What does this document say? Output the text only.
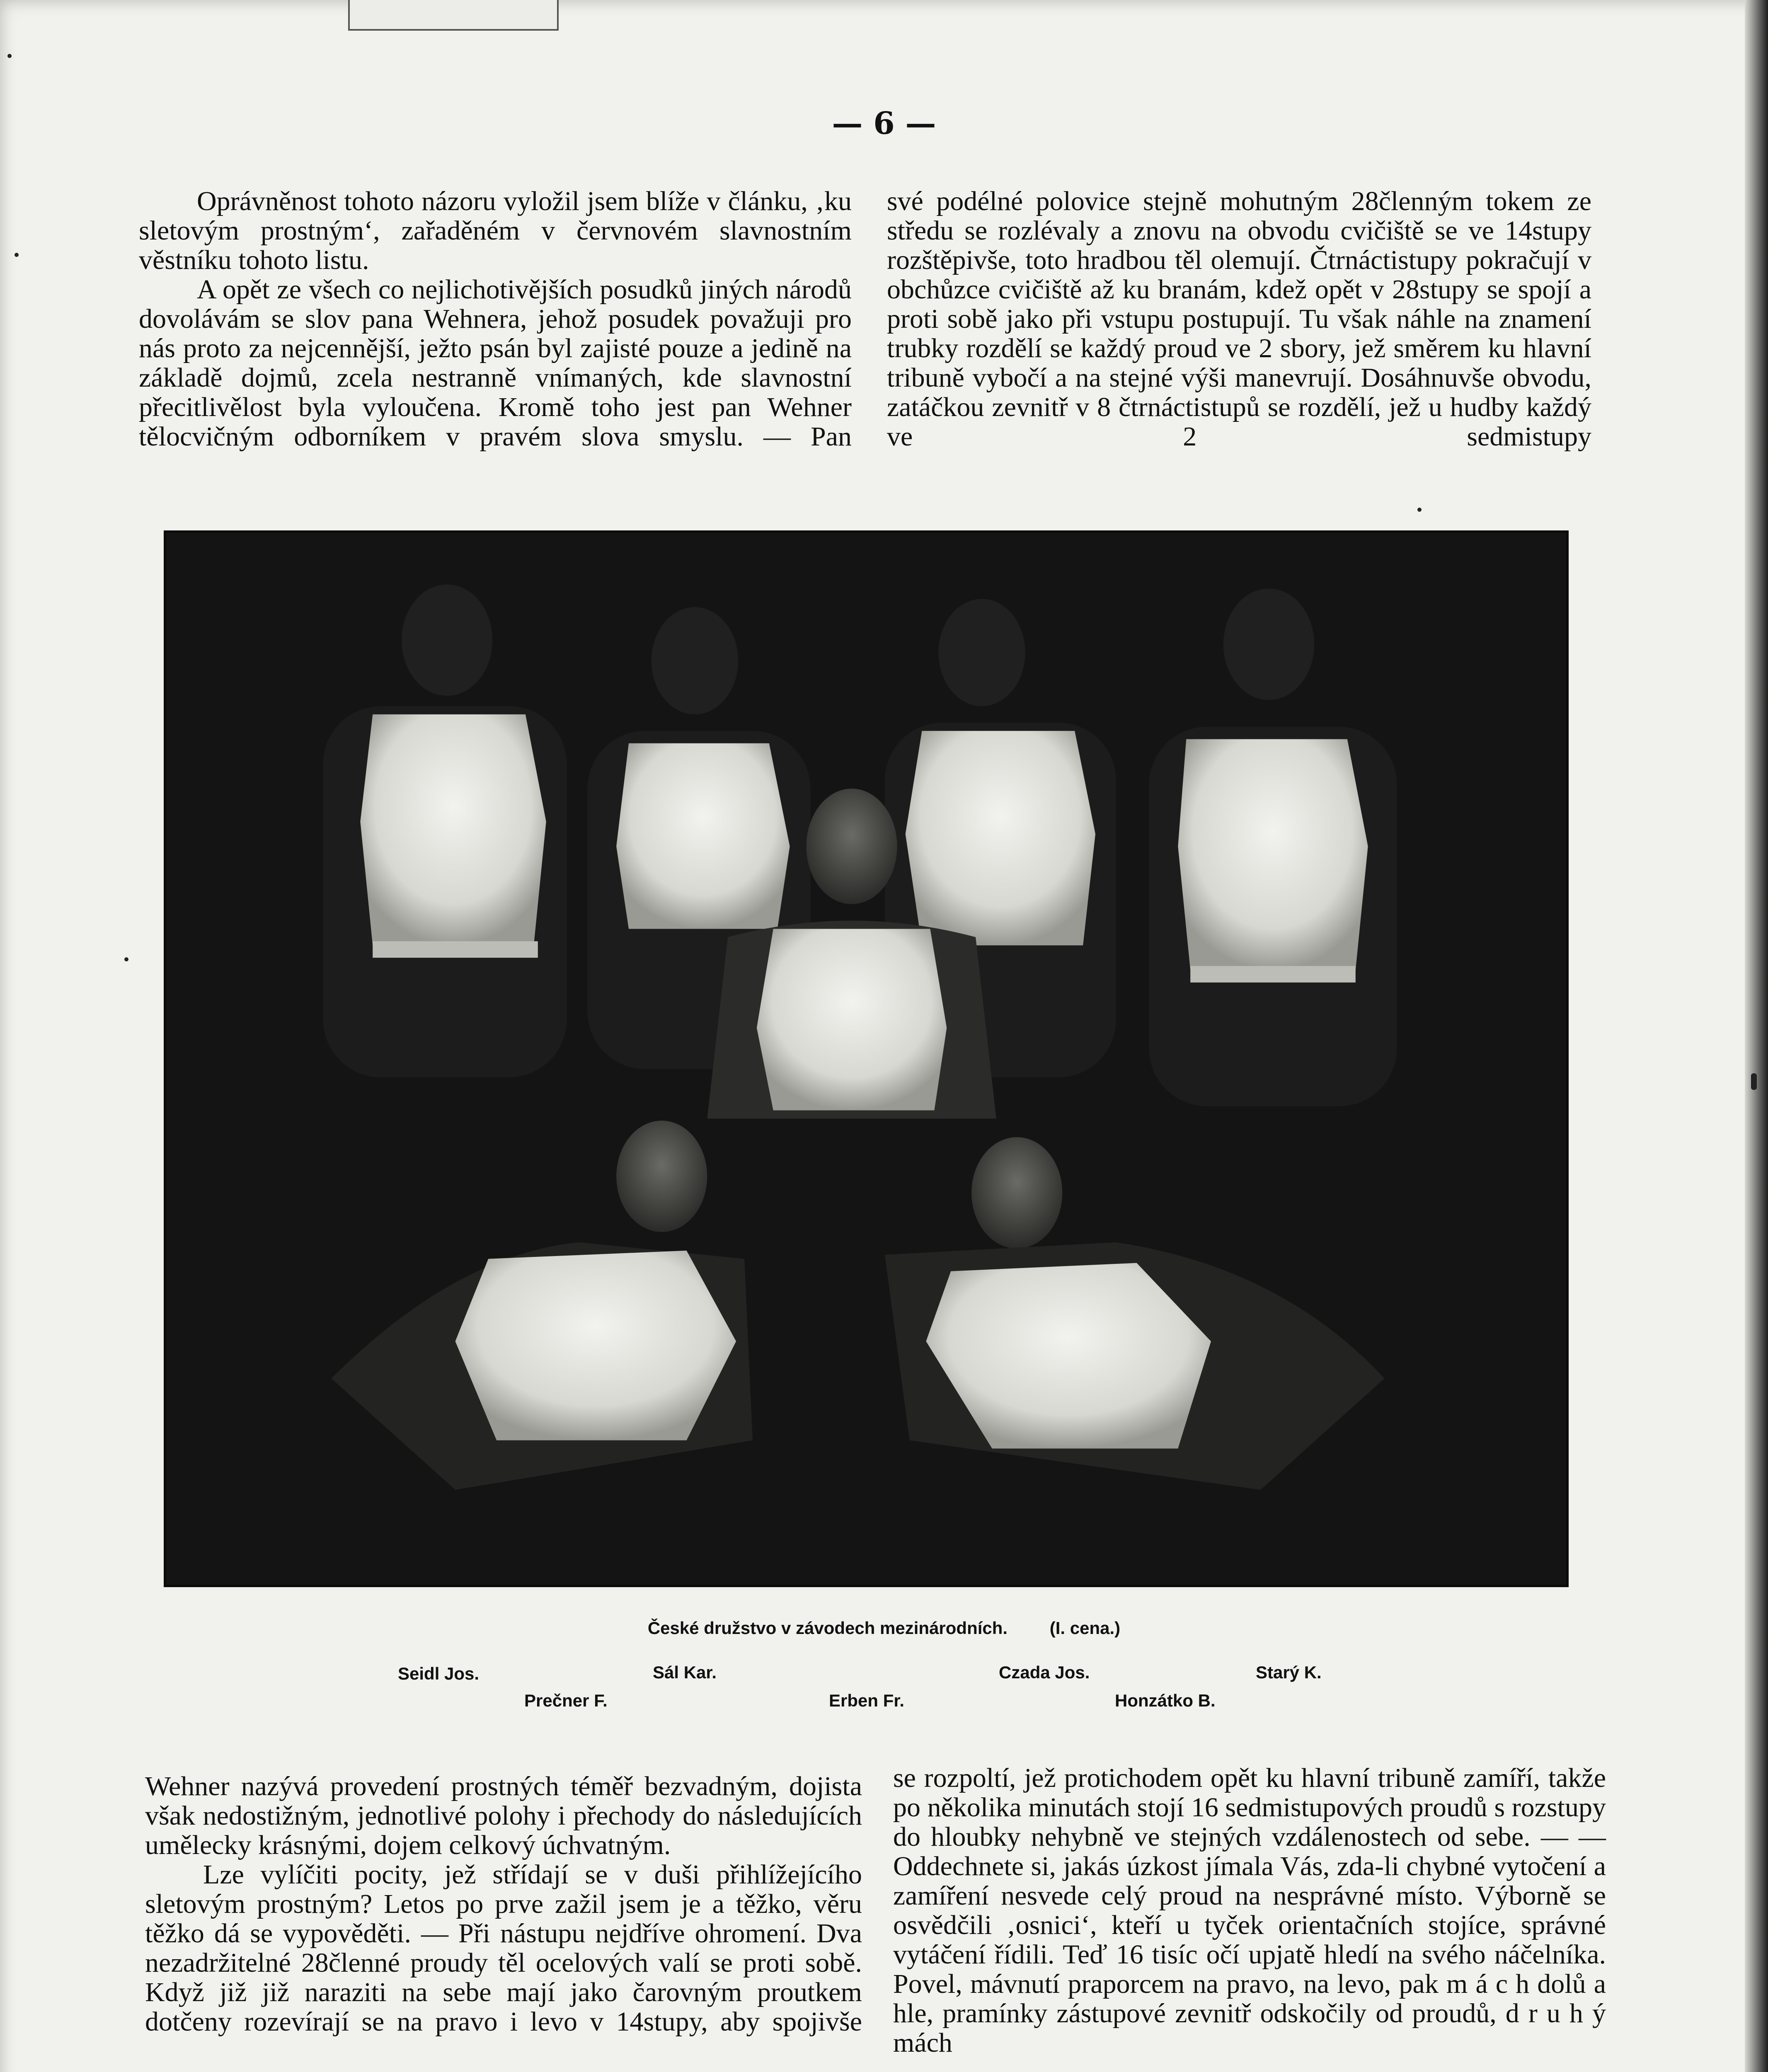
— 6 —

Oprávněnost tohoto názoru vyložil jsem blíže v článku, ‚ku sletovým prostným‘, zařaděném v červnovém slavnostním věstníku tohoto listu.

A opět ze všech co nejlichotivějších posudků jiných národů dovolávám se slov pana Wehnera, jehož posudek považuji pro nás proto za nejcennější, ježto psán byl zajisté pouze a jedině na základě dojmů, zcela nestranně vnímaných, kde slavnostní přecitlivělost byla vyloučena. Kromě toho jest pan Wehner tělocvičným odborníkem v pravém slova smyslu. — Pan

své podélné polovice stejně mohutným 28členným tokem ze středu se rozlévaly a znovu na obvodu cvičiště se ve 14stupy rozštěpivše, toto hradbou těl olemují. Čtrnáctistupy pokračují v obchůzce cvičiště až ku branám, kdež opět v 28stupy se spojí a proti sobě jako při vstupu postupují. Tu však náhle na znamení trubky rozdělí se každý proud ve 2 sbory, jež směrem ku hlavní tribuně vybočí a na stejné výši manevrují. Dosáhnuvše obvodu, zatáčkou zevnitř v 8 čtrnáctistupů se rozdělí, jež u hudby každý ve 2 sedmistupy

České družstvo v závodech mezinárodních. (I. cena.)
Seidl Jos.	Sál Kar.	Czada Jos.	Starý K.
Prečner F.	Erben Fr.	Honzátko B.

Wehner nazývá provedení prostných téměř bezvadným, dojista však nedostižným, jednotlivé polohy i přechody do následujících umělecky krásnými, dojem celkový úchvatným.

Lze vylíčiti pocity, jež střídají se v duši přihlížejícího sletovým prostným? Letos po prve zažil jsem je a těžko, věru těžko dá se vypověděti. — Při nástupu nejdříve ohromení. Dva nezadržitelné 28členné proudy těl ocelových valí se proti sobě. Když již již naraziti na sebe mají jako čarovným proutkem dotčeny rozevírají se na pravo i levo v 14stupy, aby spojivše

se rozpoltí, jež protichodem opět ku hlavní tribuně zamíří, takže po několika minutách stojí 16 sedmistupových proudů s rozstupy do hloubky nehybně ve stejných vzdálenostech od sebe. — — Oddechnete si, jakás úzkost jímala Vás, zda-li chybné vytočení a zamíření nesvede celý proud na nesprávné místo. Výborně se osvědčili ‚osnici‘, kteří u tyček orientačních stojíce, správné vytáčení řídili. Teď 16 tisíc očí upjatě hledí na svého náčelníka. Povel, mávnutí praporcem na pravo, na levo, pak m á c h dolů a hle, pramínky zástupové zevnitř odskočily od proudů, d r u h ý mách
